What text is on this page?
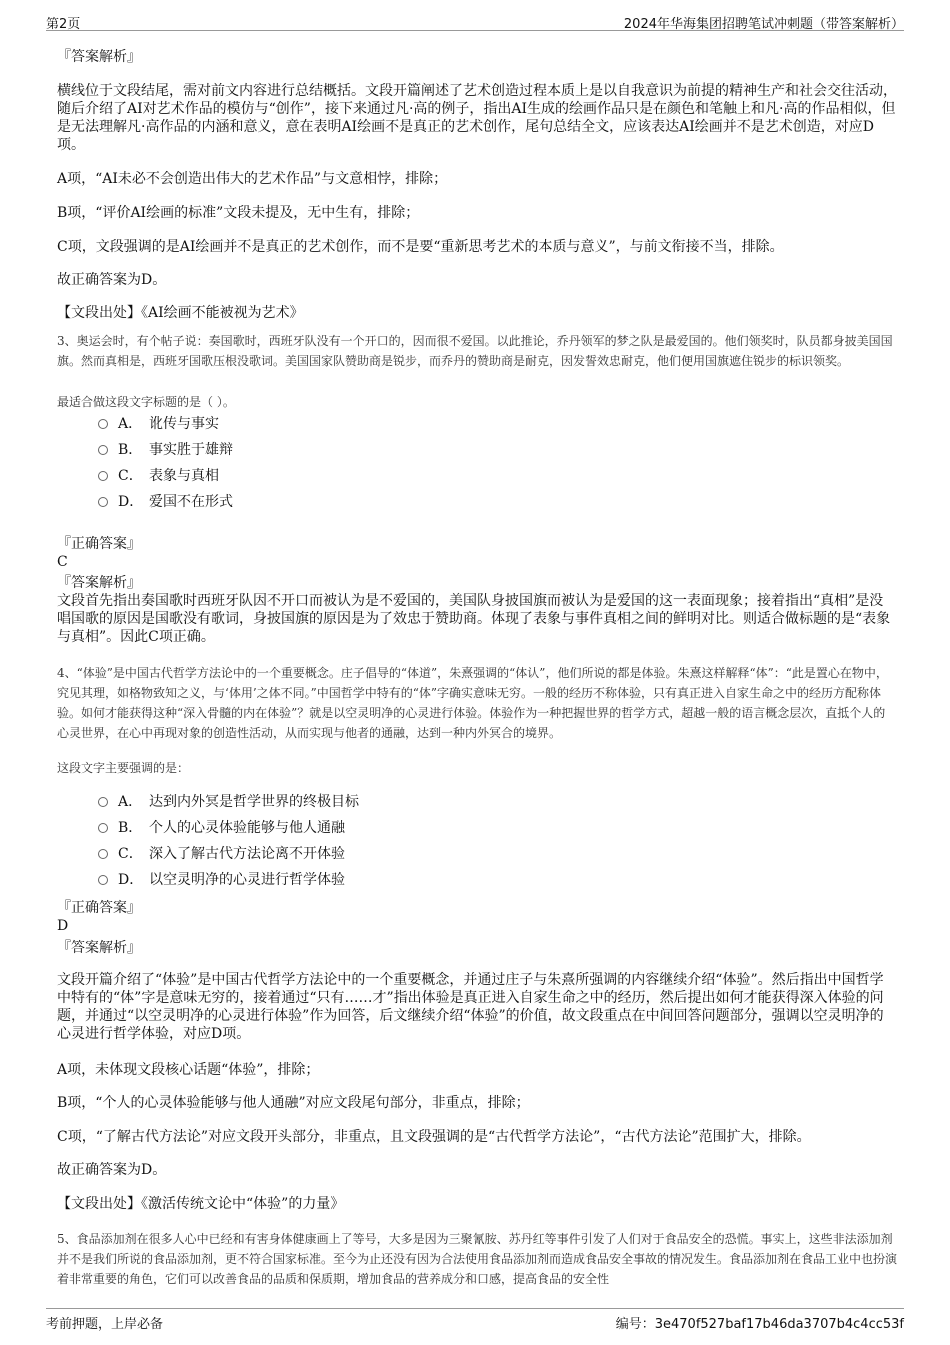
第2页	2024年华海集团招聘笔试冲刺题（带答案解析）
『答案解析』
横线位于文段结尾，需对前文内容进行总结概括。文段开篇阐述了艺术创造过程本质上是以自我意识为前提的精神生产和社会交往活动，随后介绍了AI对艺术作品的模仿与“创作”，接下来通过凡·高的例子，指出AI生成的绘画作品只是在颜色和笔触上和凡·高的作品相似，但是无法理解凡·高作品的内涵和意义，意在表明AI绘画不是真正的艺术创作，尾句总结全文，应该表达AI绘画并不是艺术创造，对应D项。
A项，“AI未必不会创造出伟大的艺术作品”与文意相悖，排除；
B项，“评价AI绘画的标准”文段未提及，无中生有，排除；
C项，文段强调的是AI绘画并不是真正的艺术创作，而不是要“重新思考艺术的本质与意义”，与前文衔接不当，排除。
故正确答案为D。
【文段出处】《AI绘画不能被视为艺术》
3、奥运会时，有个帖子说：奏国歌时，西班牙队没有一个开口的，因而很不爱国。以此推论，乔丹领军的梦之队是最爱国的。他们领奖时，队员都身披美国国旗。然而真相是，西班牙国歌压根没歌词。美国国家队赞助商是锐步，而乔丹的赞助商是耐克，因发誓效忠耐克，他们便用国旗遮住锐步的标识领奖。
最适合做这段文字标题的是（ ）。
A． 讹传与事实
B． 事实胜于雄辩
C． 表象与真相
D． 爱国不在形式
『正确答案』
C
『答案解析』
文段首先指出奏国歌时西班牙队因不开口而被认为是不爱国的，美国队身披国旗而被认为是爱国的这一表面现象；接着指出“真相”是没唱国歌的原因是国歌没有歌词，身披国旗的原因是为了效忠于赞助商。体现了表象与事件真相之间的鲜明对比。则适合做标题的是“表象与真相”。因此C项正确。
4、“体验”是中国古代哲学方法论中的一个重要概念。庄子倡导的“体道”，朱熹强调的“体认”，他们所说的都是体验。朱熹这样解释“体”：“此是置心在物中，究见其理，如格物致知之义，与‘体用’之体不同。”中国哲学中特有的“体”字确实意味无穷。一般的经历不称体验，只有真正进入自家生命之中的经历方配称体验。如何才能获得这种“深入骨髓的内在体验”？就是以空灵明净的心灵进行体验。体验作为一种把握世界的哲学方式，超越一般的语言概念层次，直抵个人的心灵世界，在心中再现对象的创造性活动，从而实现与他者的通融，达到一种内外冥合的境界。
这段文字主要强调的是：
A． 达到内外冥是哲学世界的终极目标
B． 个人的心灵体验能够与他人通融
C． 深入了解古代方法论离不开体验
D． 以空灵明净的心灵进行哲学体验
『正确答案』
D
『答案解析』
文段开篇介绍了“体验”是中国古代哲学方法论中的一个重要概念，并通过庄子与朱熹所强调的内容继续介绍“体验”。然后指出中国哲学中特有的“体”字是意味无穷的，接着通过“只有……才”指出体验是真正进入自家生命之中的经历，然后提出如何才能获得深入体验的问题，并通过“以空灵明净的心灵进行体验”作为回答，后文继续介绍“体验”的价值，故文段重点在中间回答问题部分，强调以空灵明净的心灵进行哲学体验，对应D项。
A项，未体现文段核心话题“体验”，排除；
B项，“个人的心灵体验能够与他人通融”对应文段尾句部分，非重点，排除；
C项，“了解古代方法论”对应文段开头部分，非重点，且文段强调的是“古代哲学方法论”，“古代方法论”范围扩大，排除。
故正确答案为D。
【文段出处】《激活传统文论中“体验”的力量》
5、食品添加剂在很多人心中已经和有害身体健康画上了等号，大多是因为三聚氰胺、苏丹红等事件引发了人们对于食品安全的恐慌。事实上，这些非法添加剂并不是我们所说的食品添加剂，更不符合国家标准。至今为止还没有因为合法使用食品添加剂而造成食品安全事故的情况发生。食品添加剂在食品工业中也扮演着非常重要的角色，它们可以改善食品的品质和保质期，增加食品的营养成分和口感，提高食品的安全性
考前押题，上岸必备	编号：3e470f527baf17b46da3707b4c4cc53f
